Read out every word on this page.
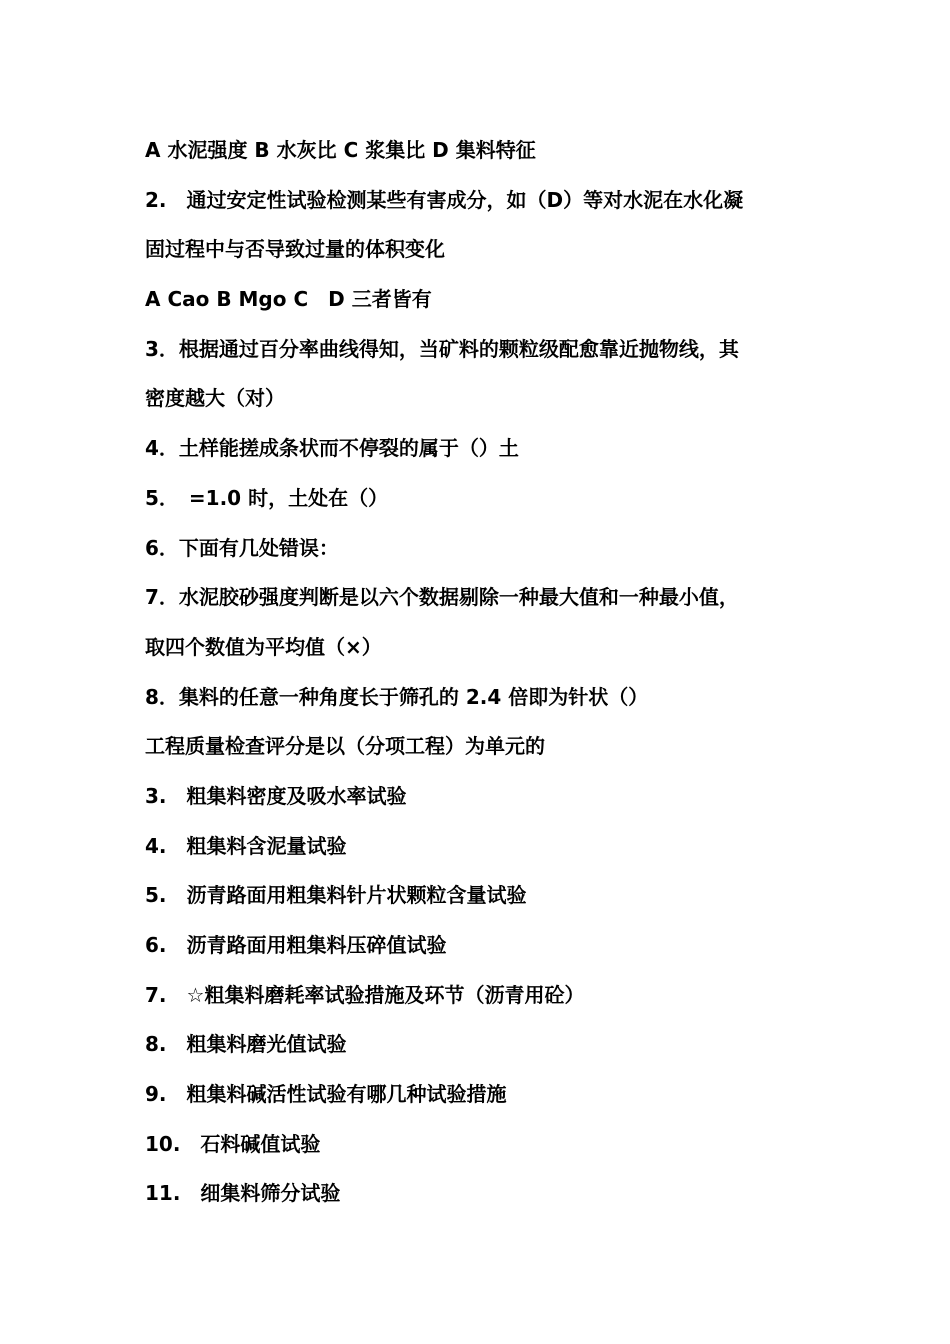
A 水泥强度 B 水灰比 C 浆集比 D 集料特征
2.　通过安定性试验检测某些有害成分，如（D）等对水泥在水化凝
固过程中与否导致过量的体积变化
A Cao B Mgo C　D 三者皆有
3．根据通过百分率曲线得知，当矿料的颗粒级配愈靠近抛物线，其
密度越大（对）
4．土样能搓成条状而不停裂的属于（）土
5．　=1.0 时，土处在（）
6．下面有几处错误：
7．水泥胶砂强度判断是以六个数据剔除一种最大值和一种最小值，
取四个数值为平均值（×）
8．集料的任意一种角度长于筛孔的 2.4 倍即为针状（）
工程质量检查评分是以（分项工程）为单元的
3.　粗集料密度及吸水率试验
4.　粗集料含泥量试验
5.　沥青路面用粗集料针片状颗粒含量试验
6.　沥青路面用粗集料压碎值试验
7.　☆粗集料磨耗率试验措施及环节（沥青用砼）
8.　粗集料磨光值试验
9.　粗集料碱活性试验有哪几种试验措施
10.　石料碱值试验
11.　细集料筛分试验
